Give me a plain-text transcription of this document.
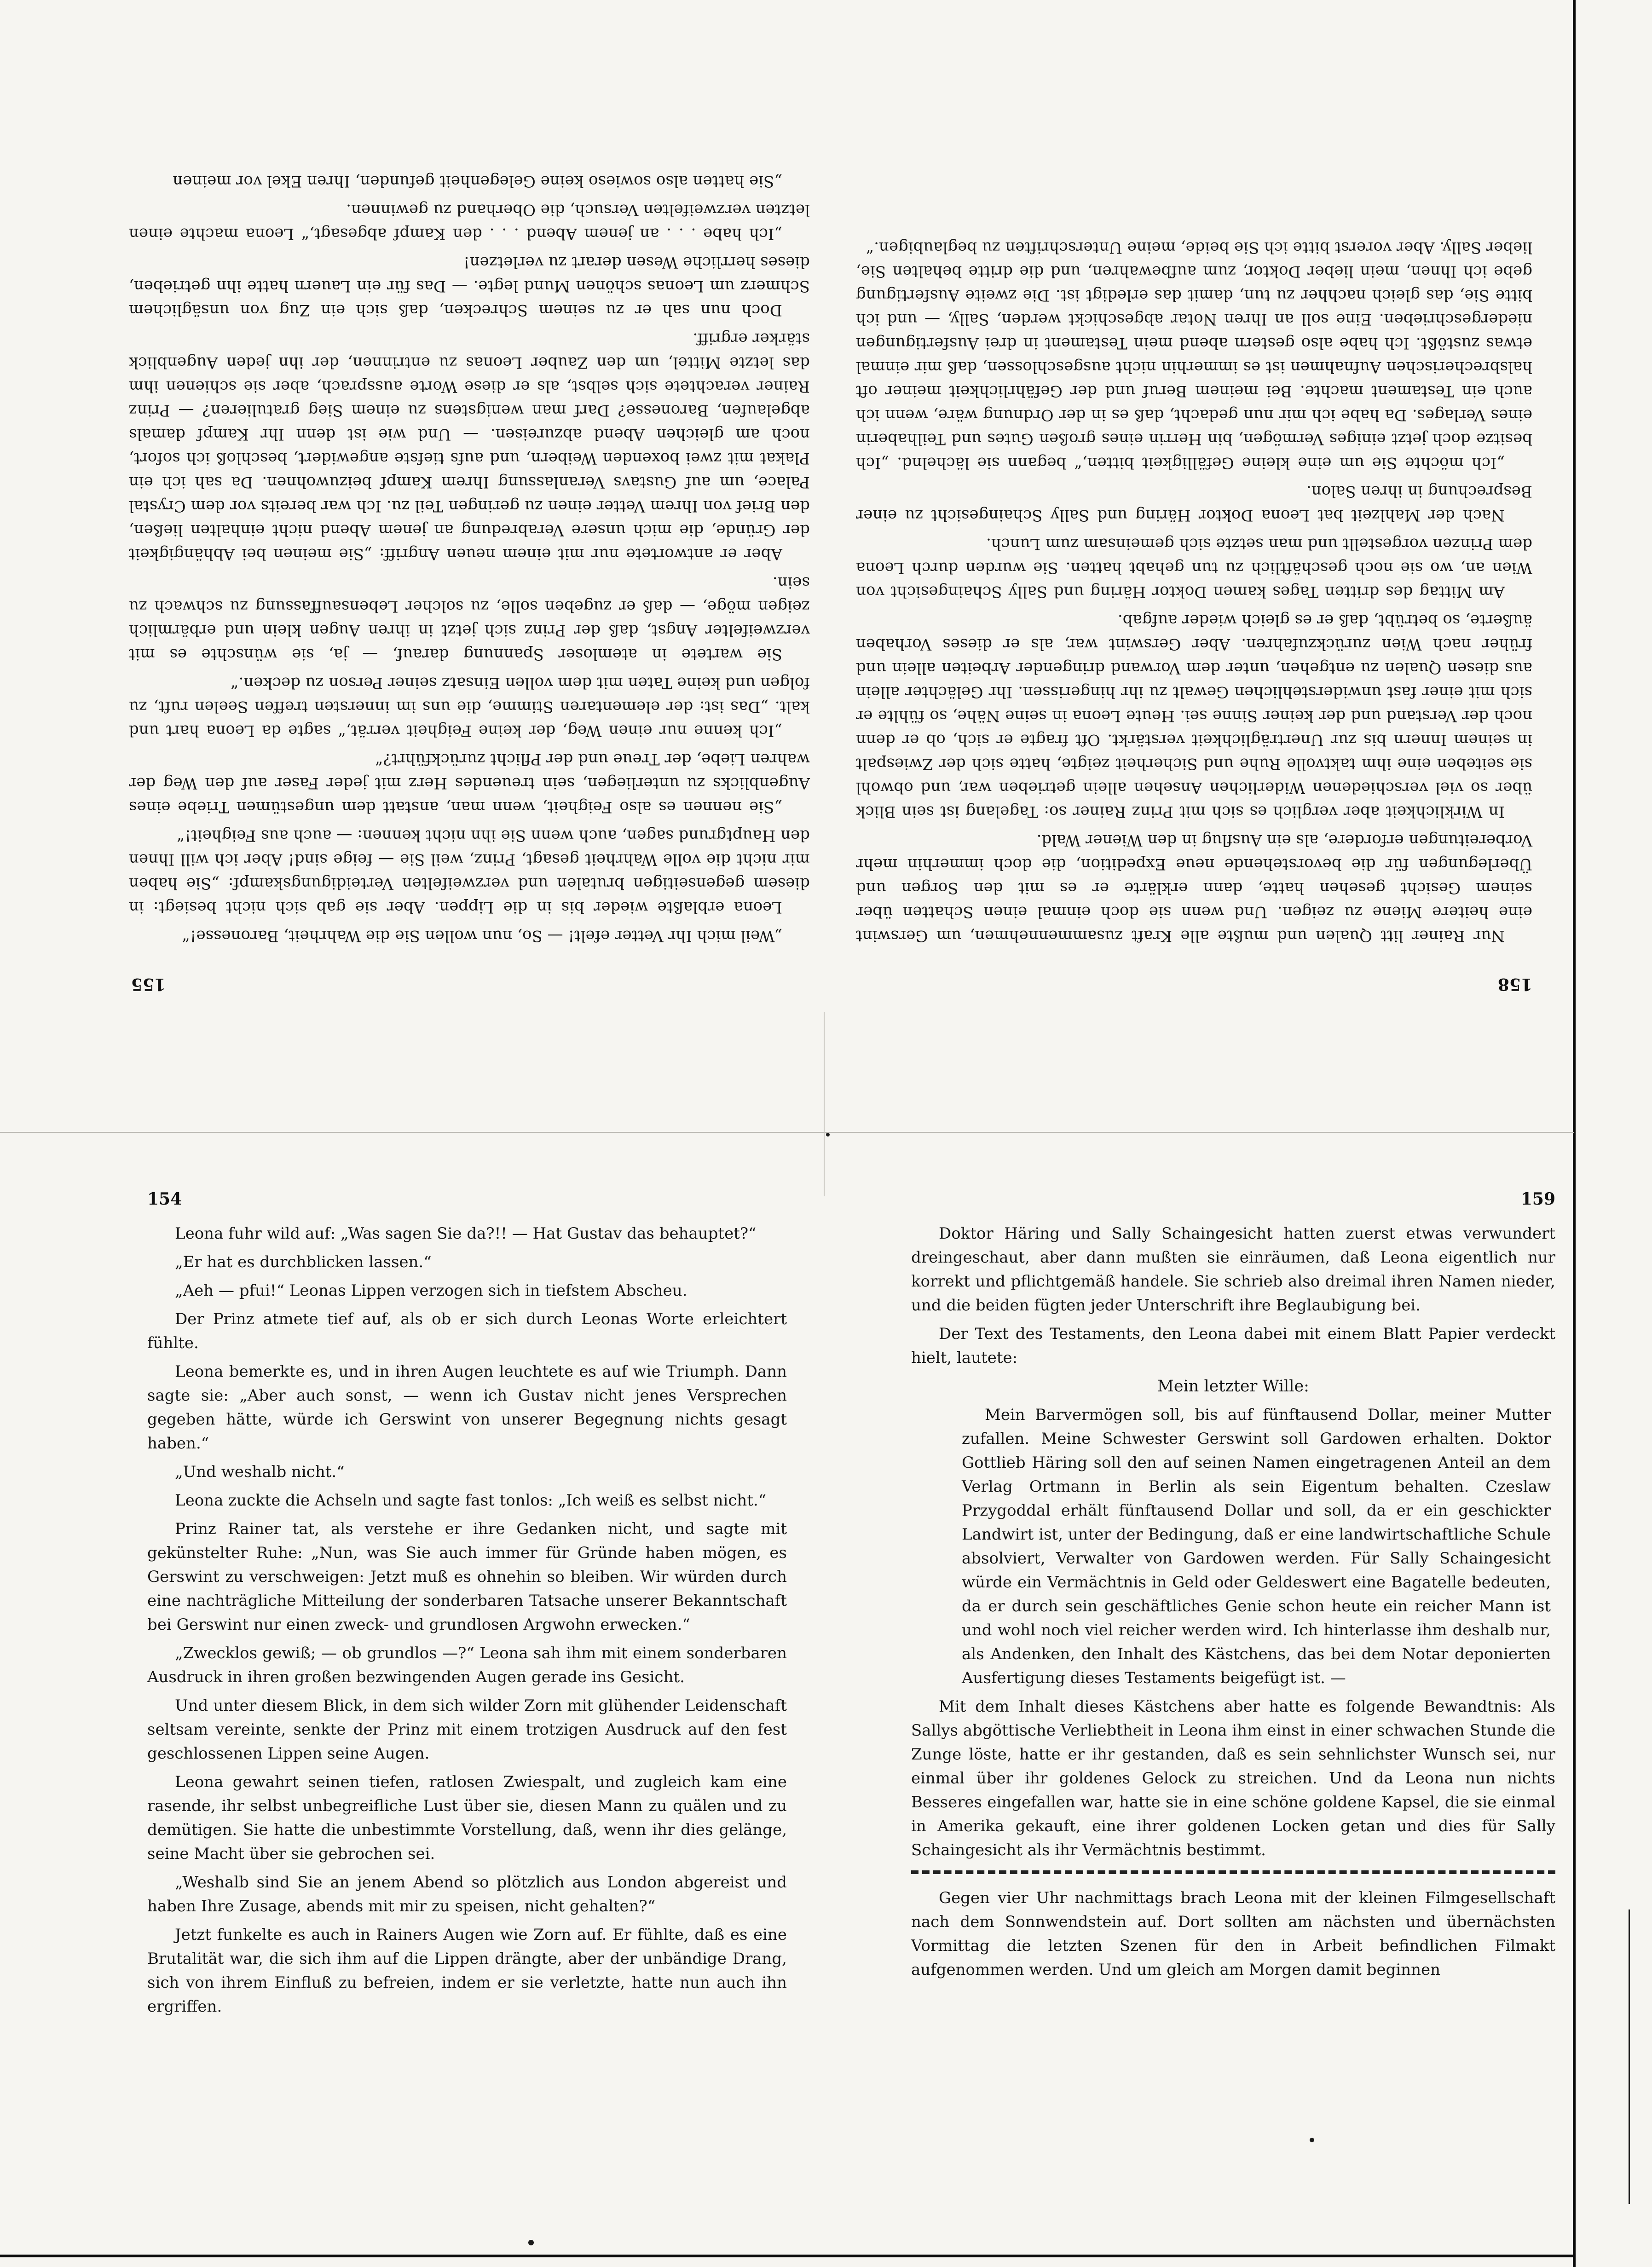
155

„Weil mich Ihr Vetter efelt! — So, nun wollen Sie die Wahrheit, Baronesse!“

Leona erblaßte wieder bis in die Lippen. Aber sie gab sich nicht besiegt: in diesem gegenseitigen brutalen und verzweifelten Verteidigungskampf: „Sie haben mir nicht die volle Wahrheit gesagt, Prinz, weil Sie — feige sind! Aber ich will Ihnen den Hauptgrund sagen, auch wenn Sie ihn nicht kennen: — auch aus Feigheit!“

„Sie nennen es also Feigheit, wenn man, anstatt dem ungestümen Triebe eines Augenblicks zu unterliegen, sein treuendes Herz mit jeder Faser auf den Weg der wahren Liebe, der Treue und der Pflicht zurückführt?“

„Ich kenne nur einen Weg, der keine Feigheit verrät,“ sagte da Leona hart und kalt. „Das ist: der elementaren Stimme, die uns im innersten treffen Seelen ruft, zu folgen und keine Taten mit dem vollen Einsatz seiner Person zu decken.“

Sie wartete in atemloser Spannung darauf, — ja, sie wünschte es mit verzweifelter Angst, daß der Prinz sich jetzt in ihren Augen klein und erbärmlich zeigen möge, — daß er zugeben solle, zu solcher Lebensauffassung zu schwach zu sein.

Aber er antwortete nur mit einem neuen Angriff: „Sie meinen bei Abhängigkeit der Gründe, die mich unsere Verabredung an jenem Abend nicht einhalten ließen, den Brief von Ihrem Vetter einen zu geringen Teil zu. Ich war bereits vor dem Crystal Palace, um auf Gustavs Veranlassung Ihrem Kampf beizuwohnen. Da sah ich ein Plakat mit zwei boxenden Weibern, und aufs tiefste angewidert, beschloß ich sofort, noch am gleichen Abend abzureisen. — Und wie ist denn Ihr Kampf damals abgelaufen, Baronesse? Darf man wenigstens zu einem Sieg gratulieren? — Prinz Rainer verachtete sich selbst, als er diese Worte aussprach, aber sie schienen ihm das letzte Mittel, um den Zauber Leonas zu entrinnen, der ihn jeden Augenblick stärker ergriff.

Doch nun sah er zu seinem Schrecken, daß sich ein Zug von unsäglichem Schmerz um Leonas schönen Mund legte. — Das für ein Lauern hatte ihn getrieben, dieses herrliche Wesen derart zu verletzen!

„Ich habe . . . an jenem Abend . . . den Kampf abgesagt,“ Leona machte einen letzten verzweifelten Versuch, die Oberhand zu gewinnen.

„Sie hatten also sowieso keine Gelegenheit gefunden, Ihren Ekel vor meinen

158

Nur Rainer litt Qualen und mußte alle Kraft zusammennehmen, um Gerswint eine heitere Miene zu zeigen. Und wenn sie doch einmal einen Schatten über seinem Gesicht gesehen hatte, dann erklärte er es mit den Sorgen und Überlegungen für die bevorstehende neue Expedition, die doch immerhin mehr Vorbereitungen erfordere, als ein Ausflug in den Wiener Wald.

In Wirklichkeit aber verglich es sich mit Prinz Rainer so: Tagelang ist sein Blick über so viel verschiedenen Widerlichen Ansehen allein getrieben war, und obwohl sie seiteben eine ihm taktvolle Ruhe und Sicherheit zeigte, hatte sich der Zwiespalt in seinem Innern bis zur Unerträglichkeit verstärkt. Oft fragte er sich, ob er denn noch der Verstand und der keiner Sinne sei. Heute Leona in seine Nähe, so fühlte er sich mit einer fast unwiderstehlichen Gewalt zu ihr hingerissen. Ihr Gelächter allein aus diesen Qualen zu entgehen, unter dem Vorwand dringender Arbeiten allein und früher nach Wien zurückzufahren. Aber Gerswint war, als er dieses Vorhaben äußerte, so betrübt, daß er es gleich wieder aufgab.

Am Mittag des dritten Tages kamen Doktor Häring und Sally Schaingesicht von Wien an, wo sie noch geschäftlich zu tun gehabt hatten. Sie wurden durch Leona dem Prinzen vorgestellt und man setzte sich gemeinsam zum Lunch.

Nach der Mahlzeit bat Leona Doktor Häring und Sally Schaingesicht zu einer Besprechung in ihren Salon.

„Ich möchte Sie um eine kleine Gefälligkeit bitten,“ begann sie lächelnd. „Ich besitze doch jetzt einiges Vermögen, bin Herrin eines großen Gutes und Teilhaberin eines Verlages. Da habe ich mir nun gedacht, daß es in der Ordnung wäre, wenn ich auch ein Testament machte. Bei meinem Beruf und der Gefährlichkeit meiner oft halsbrecherischen Aufnahmen ist es immerhin nicht ausgeschlossen, daß mir einmal etwas zustößt. Ich habe also gestern abend mein Testament in drei Ausfertigungen niedergeschrieben. Eine soll an Ihren Notar abgeschickt werden, Sally, — und ich bitte Sie, das gleich nachher zu tun, damit das erledigt ist. Die zweite Ausfertigung gebe ich Ihnen, mein lieber Doktor, zum aufbewahren, und die dritte behalten Sie, lieber Sally. Aber vorerst bitte ich Sie beide, meine Unterschriften zu beglaubigen.“

154

Leona fuhr wild auf: „Was sagen Sie da?!! — Hat Gustav das behauptet?“

„Er hat es durchblicken lassen.“

„Aeh — pfui!“ Leonas Lippen verzogen sich in tiefstem Abscheu.

Der Prinz atmete tief auf, als ob er sich durch Leonas Worte erleichtert fühlte.

Leona bemerkte es, und in ihren Augen leuchtete es auf wie Triumph. Dann sagte sie: „Aber auch sonst, — wenn ich Gustav nicht jenes Versprechen gegeben hätte, würde ich Gerswint von unserer Begegnung nichts gesagt haben.“

„Und weshalb nicht.“

Leona zuckte die Achseln und sagte fast tonlos: „Ich weiß es selbst nicht.“

Prinz Rainer tat, als verstehe er ihre Gedanken nicht, und sagte mit gekünstelter Ruhe: „Nun, was Sie auch immer für Gründe haben mögen, es Gerswint zu verschweigen: Jetzt muß es ohnehin so bleiben. Wir würden durch eine nachträgliche Mitteilung der sonderbaren Tatsache unserer Bekanntschaft bei Gerswint nur einen zweck- und grundlosen Argwohn erwecken.“

„Zwecklos gewiß; — ob grundlos —?“ Leona sah ihm mit einem sonderbaren Ausdruck in ihren großen bezwingenden Augen gerade ins Gesicht.

Und unter diesem Blick, in dem sich wilder Zorn mit glühender Leidenschaft seltsam vereinte, senkte der Prinz mit einem trotzigen Ausdruck auf den fest geschlossenen Lippen seine Augen.

Leona gewahrt seinen tiefen, ratlosen Zwiespalt, und zugleich kam eine rasende, ihr selbst unbegreifliche Lust über sie, diesen Mann zu quälen und zu demütigen. Sie hatte die unbestimmte Vorstellung, daß, wenn ihr dies gelänge, seine Macht über sie gebrochen sei.

„Weshalb sind Sie an jenem Abend so plötzlich aus London abgereist und haben Ihre Zusage, abends mit mir zu speisen, nicht gehalten?“

Jetzt funkelte es auch in Rainers Augen wie Zorn auf. Er fühlte, daß es eine Brutalität war, die sich ihm auf die Lippen drängte, aber der unbändige Drang, sich von ihrem Einfluß zu befreien, indem er sie verletzte, hatte nun auch ihn ergriffen.

159

Doktor Häring und Sally Schaingesicht hatten zuerst etwas verwundert dreingeschaut, aber dann mußten sie einräumen, daß Leona eigentlich nur korrekt und pflichtgemäß handele. Sie schrieb also dreimal ihren Namen nieder, und die beiden fügten jeder Unterschrift ihre Beglaubigung bei.

Der Text des Testaments, den Leona dabei mit einem Blatt Papier verdeckt hielt, lautete:

Mein letzter Wille:

Mein Barvermögen soll, bis auf fünftausend Dollar, meiner Mutter zufallen. Meine Schwester Gerswint soll Gardowen erhalten. Doktor Gottlieb Häring soll den auf seinen Namen eingetragenen Anteil an dem Verlag Ortmann in Berlin als sein Eigentum behalten. Czeslaw Przygoddal erhält fünftausend Dollar und soll, da er ein geschickter Landwirt ist, unter der Bedingung, daß er eine landwirtschaftliche Schule absolviert, Verwalter von Gardowen werden. Für Sally Schaingesicht würde ein Vermächtnis in Geld oder Geldeswert eine Bagatelle bedeuten, da er durch sein geschäftliches Genie schon heute ein reicher Mann ist und wohl noch viel reicher werden wird. Ich hinterlasse ihm deshalb nur, als Andenken, den Inhalt des Kästchens, das bei dem Notar deponierten Ausfertigung dieses Testaments beigefügt ist. —

Mit dem Inhalt dieses Kästchens aber hatte es folgende Bewandtnis: Als Sallys abgöttische Verliebtheit in Leona ihm einst in einer schwachen Stunde die Zunge löste, hatte er ihr gestanden, daß es sein sehnlichster Wunsch sei, nur einmal über ihr goldenes Gelock zu streichen. Und da Leona nun nichts Besseres eingefallen war, hatte sie in eine schöne goldene Kapsel, die sie einmal in Amerika gekauft, eine ihrer goldenen Locken getan und dies für Sally Schaingesicht als ihr Vermächtnis bestimmt.

Gegen vier Uhr nachmittags brach Leona mit der kleinen Filmgesellschaft nach dem Sonnwendstein auf. Dort sollten am nächsten und übernächsten Vormittag die letzten Szenen für den in Arbeit befindlichen Filmakt aufgenommen werden. Und um gleich am Morgen damit beginnen
